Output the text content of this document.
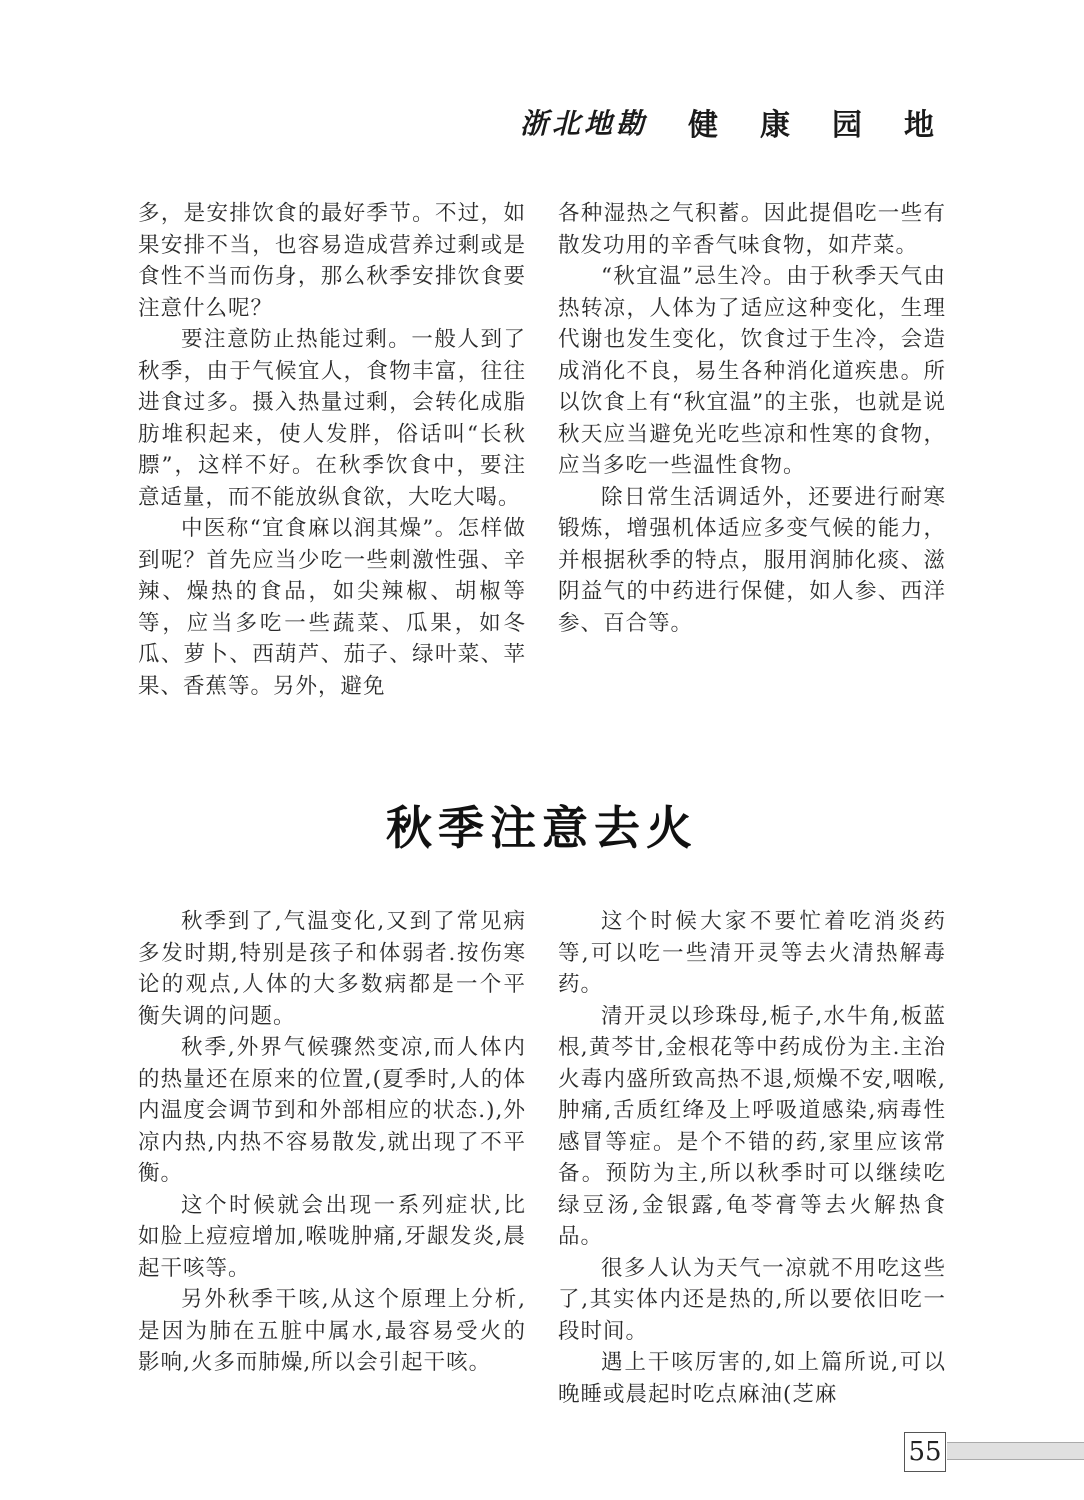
浙北地勘 健 康 园 地

多，是安排饮食的最好季节。不过，如果安排不当，也容易造成营养过剩或是食性不当而伤身，那么秋季安排饮食要注意什么呢？

要注意防止热能过剩。一般人到了秋季，由于气候宜人，食物丰富，往往进食过多。摄入热量过剩，会转化成脂肪堆积起来，使人发胖，俗话叫“长秋膘”，这样不好。在秋季饮食中，要注意适量，而不能放纵食欲，大吃大喝。

中医称“宜食麻以润其燥”。怎样做到呢？首先应当少吃一些刺激性强、辛辣、燥热的食品，如尖辣椒、胡椒等等，应当多吃一些蔬菜、瓜果，如冬瓜、萝卜、西葫芦、茄子、绿叶菜、苹果、香蕉等。另外，避免

各种湿热之气积蓄。因此提倡吃一些有散发功用的辛香气味食物，如芹菜。

“秋宜温”忌生冷。由于秋季天气由热转凉，人体为了适应这种变化，生理代谢也发生变化，饮食过于生冷，会造成消化不良，易生各种消化道疾患。所以饮食上有“秋宜温”的主张，也就是说秋天应当避免光吃些凉和性寒的食物，应当多吃一些温性食物。

除日常生活调适外，还要进行耐寒锻炼，增强机体适应多变气候的能力，并根据秋季的特点，服用润肺化痰、滋阴益气的中药进行保健，如人参、西洋参、百合等。

秋季注意去火

秋季到了,气温变化,又到了常见病多发时期,特别是孩子和体弱者.按伤寒论的观点,人体的大多数病都是一个平衡失调的问题。

秋季,外界气候骤然变凉,而人体内的热量还在原来的位置,(夏季时,人的体内温度会调节到和外部相应的状态.),外凉内热,内热不容易散发,就出现了不平衡。

这个时候就会出现一系列症状,比如脸上痘痘增加,喉咙肿痛,牙龈发炎,晨起干咳等。

另外秋季干咳,从这个原理上分析,是因为肺在五脏中属水,最容易受火的影响,火多而肺燥,所以会引起干咳。

这个时候大家不要忙着吃消炎药等,可以吃一些清开灵等去火清热解毒药。

清开灵以珍珠母,栀子,水牛角,板蓝根,黄芩甘,金根花等中药成份为主.主治火毒内盛所致高热不退,烦燥不安,咽喉,肿痛,舌质红绛及上呼吸道感染,病毒性感冒等症。是个不错的药,家里应该常备。预防为主,所以秋季时可以继续吃绿豆汤,金银露,龟苓膏等去火解热食品。

很多人认为天气一凉就不用吃这些了,其实体内还是热的,所以要依旧吃一段时间。

遇上干咳厉害的,如上篇所说,可以晚睡或晨起时吃点麻油(芝麻

55
